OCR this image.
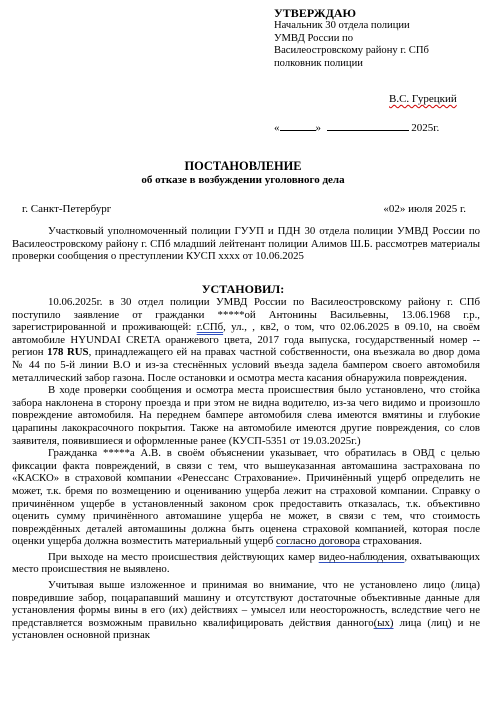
УТВЕРЖДАЮ
Начальник 30 отдела полиции
УМВД России по
Василеостровскому району г. СПб
полковник полиции
В.С. Гурецкий
«	»	2025г.
ПОСТАНОВЛЕНИЕ
об отказе в возбуждении уголовного дела
г. Санкт-Петербург	«02» июля 2025 г.

Участковый уполномоченный полиции ГУУП и ПДН 30 отдела полиции УМВД России по Василеостровскому району г. СПб младший лейтенант полиции Алимов Ш.Б. рассмотрев материалы проверки сообщения о преступлении КУСП хххх от 10.06.2025

УСТАНОВИЛ:

10.06.2025г. в 30 отдел полиции УМВД России по Василеостровскому району г. СПб поступило заявление от гражданки *****ой Антонины Васильевны, 13.06.1968 г.р., зарегистрированной и проживающей: г.СПб, ул., , кв2, о том, что 02.06.2025 в 09.10, на своём автомобиле HYUNDAI CRETA оранжевого цвета, 2017 года выпуска, государственный номер --регион 178 RUS, принадлежащего ей на правах частной собственности, она въезжала во двор дома № 44 по 5-й линии В.О и из-за стеснённых условий въезда задела бампером своего автомобиля металлический забор газона. После остановки и осмотра места касания обнаружила повреждения.

В ходе проверки сообщения и осмотра места происшествия было установлено, что стойка забора наклонена в сторону проезда и при этом не видна водителю, из-за чего видимо и произошло повреждение автомобиля. На переднем бампере автомобиля слева имеются вмятины и глубокие царапины лакокрасочного покрытия. Также на автомобиле имеются другие повреждения, со слов заявителя, появившиеся и оформленные ранее (КУСП-5351 от 19.03.2025г.)

Гражданка *****а А.В. в своём объяснении указывает, что обратилась в ОВД с целью фиксации факта повреждений, в связи с тем, что вышеуказанная автомашина застрахована по «КАСКО» в страховой компании «Ренессанс Страхование». Причинённый ущерб определить не может, т.к. бремя по возмещению и оцениванию ущерба лежит на страховой компании. Справку о причинённом ущербе в установленный законом срок предоставить отказалась, т.к. объективно оценить сумму причинённого автомашине ущерба не может, в связи с тем, что стоимость повреждённых деталей автомашины должна быть оценена страховой компанией, которая после оценки ущерба должна возместить материальный ущерб согласно договора страхования.

При выходе на место происшествия действующих камер видео-наблюдения, охватывающих место происшествия не выявлено.

Учитывая выше изложенное и принимая во внимание, что не установлено лицо (лица) повредившие забор, поцарапавший машину и отсутствуют достаточные объективные данные для установления формы вины в его (их) действиях – умысел или неосторожность, вследствие чего не представляется возможным правильно квалифицировать действия данного(ых) лица (лиц) и не установлен основной признак
